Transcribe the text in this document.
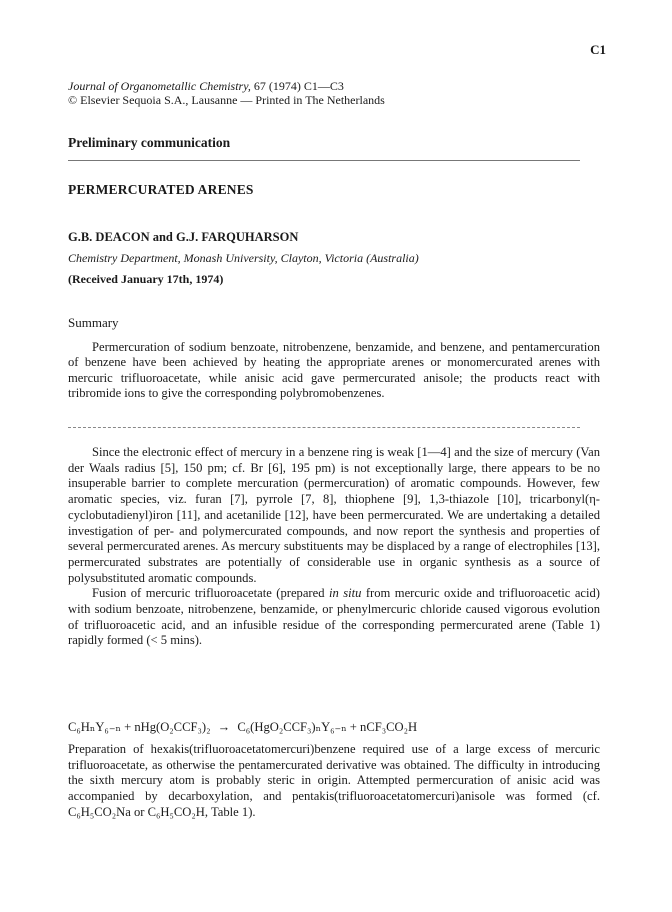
C1
Journal of Organometallic Chemistry, 67 (1974) C1—C3
© Elsevier Sequoia S.A., Lausanne — Printed in The Netherlands
Preliminary communication
PERMERCURATED ARENES
G.B. DEACON and G.J. FARQUHARSON
Chemistry Department, Monash University, Clayton, Victoria (Australia)
(Received January 17th, 1974)
Summary

Permercuration of sodium benzoate, nitrobenzene, benzamide, and benzene, and pentamercuration of benzene have been achieved by heating the appropriate arenes or monomercurated arenes with mercuric trifluoroacetate, while anisic acid gave permercurated anisole; the products react with tribromide ions to give the corresponding polybromobenzenes.

Since the electronic effect of mercury in a benzene ring is weak [1—4] and the size of mercury (Van der Waals radius [5], 150 pm; cf. Br [6], 195 pm) is not exceptionally large, there appears to be no insuperable barrier to complete mercuration (permercuration) of aromatic compounds. However, few aromatic species, viz. furan [7], pyrrole [7, 8], thiophene [9], 1,3-thiazole [10], tricarbonyl(η-cyclobutadienyl)iron [11], and acetanilide [12], have been permercurated. We are undertaking a detailed investigation of per- and polymercurated compounds, and now report the synthesis and properties of several permercurated arenes. As mercury substituents may be displaced by a range of electrophiles [13], permercurated substrates are potentially of considerable use in organic synthesis as a source of polysubstituted aromatic compounds.

Fusion of mercuric trifluoroacetate (prepared in situ from mercuric oxide and trifluoroacetic acid) with sodium benzoate, nitrobenzene, benzamide, or phenylmercuric chloride caused vigorous evolution of trifluoroacetic acid, and an infusible residue of the corresponding permercurated arene (Table 1) rapidly formed (< 5 mins).

C₆HₙY₆₋ₙ + nHg(O₂CCF₃)₂ → C₆(HgO₂CCF₃)ₙY₆₋ₙ + nCF₃CO₂H

Preparation of hexakis(trifluoroacetatomercuri)benzene required use of a large excess of mercuric trifluoroacetate, as otherwise the pentamercurated derivative was obtained. The difficulty in introducing the sixth mercury atom is probably steric in origin. Attempted permercuration of anisic acid was accompanied by decarboxylation, and pentakis(trifluoroacetatomercuri)anisole was formed (cf. C₆H₅CO₂Na or C₆H₅CO₂H, Table 1).
